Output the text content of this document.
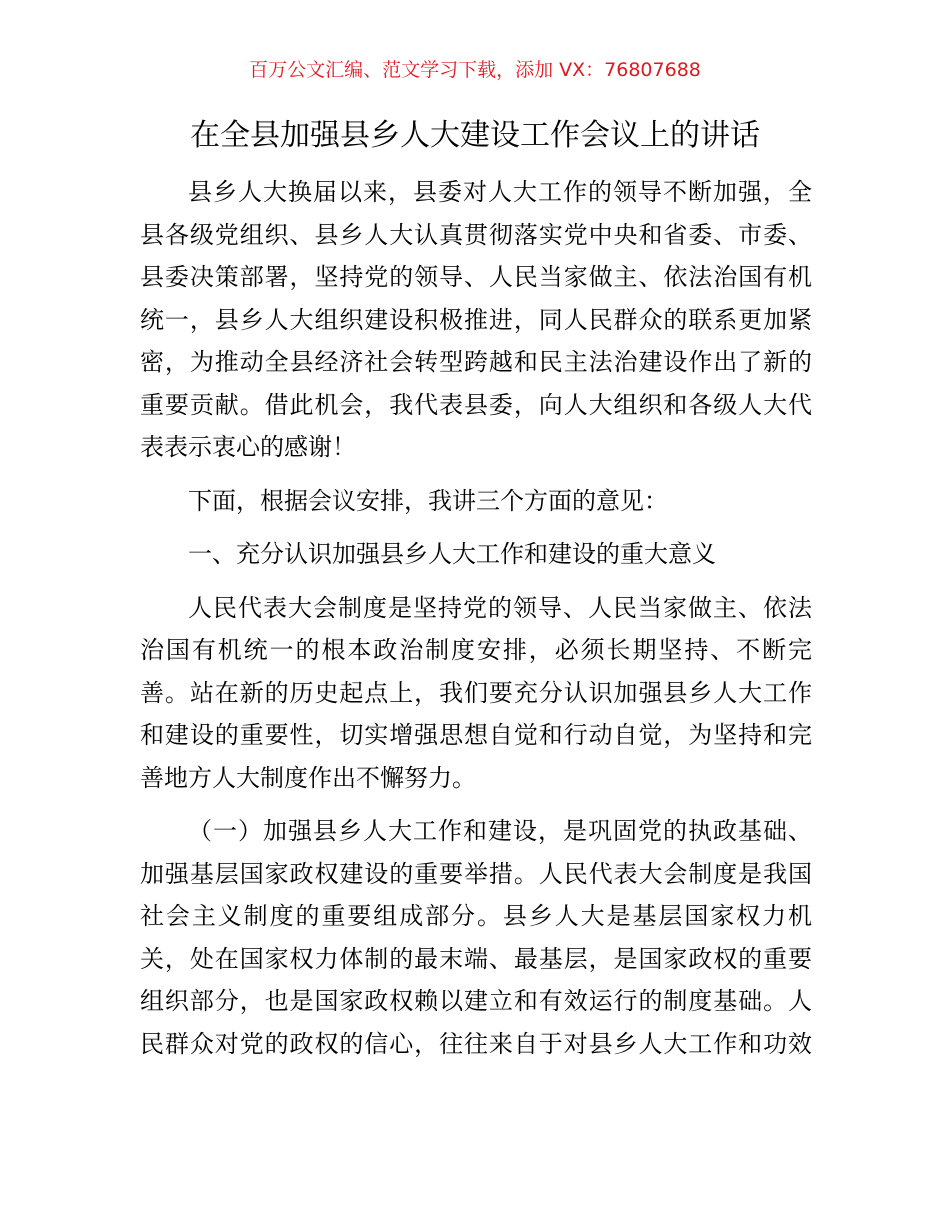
百万公文汇编、范文学习下载，添加 VX：76807688
在全县加强县乡人大建设工作会议上的讲话
县乡人大换届以来，县委对人大工作的领导不断加强，全
县各级党组织、县乡人大认真贯彻落实党中央和省委、市委、
县委决策部署，坚持党的领导、人民当家做主、依法治国有机
统一，县乡人大组织建设积极推进，同人民群众的联系更加紧
密，为推动全县经济社会转型跨越和民主法治建设作出了新的
重要贡献。借此机会，我代表县委，向人大组织和各级人大代
表表示衷心的感谢！
下面，根据会议安排，我讲三个方面的意见：
一、充分认识加强县乡人大工作和建设的重大意义
人民代表大会制度是坚持党的领导、人民当家做主、依法
治国有机统一的根本政治制度安排，必须长期坚持、不断完
善。站在新的历史起点上，我们要充分认识加强县乡人大工作
和建设的重要性，切实增强思想自觉和行动自觉，为坚持和完
善地方人大制度作出不懈努力。
（一）加强县乡人大工作和建设，是巩固党的执政基础、
加强基层国家政权建设的重要举措。人民代表大会制度是我国
社会主义制度的重要组成部分。县乡人大是基层国家权力机
关，处在国家权力体制的最末端、最基层，是国家政权的重要
组织部分，也是国家政权赖以建立和有效运行的制度基础。人
民群众对党的政权的信心，往往来自于对县乡人大工作和功效
